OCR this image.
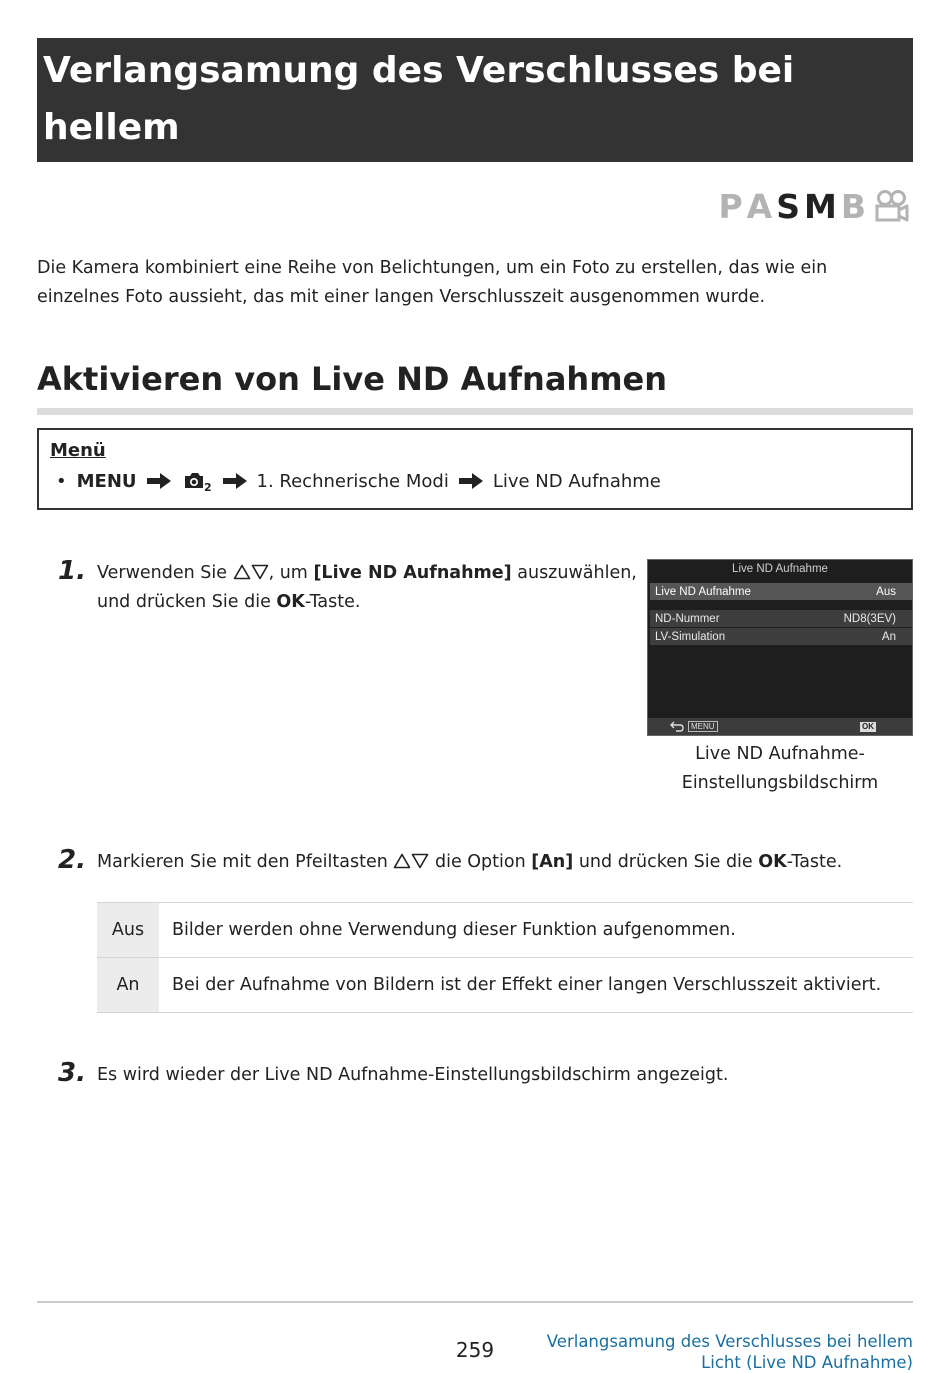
Verlangsamung des Verschlusses bei hellem
Licht (Live ND Aufnahme)
P A S M B

Die Kamera kombiniert eine Reihe von Belichtungen, um ein Foto zu erstellen, das wie ein einzelnes Foto aussieht, das mit einer langen Verschlusszeit ausgenommen wurde.

Aktivieren von Live ND Aufnahmen
Menü
• MENU	2	1. Rechnerische Modi Live ND Aufnahme
1. Verwenden Sie , um [Live ND Aufnahme] auszuwählen,
und drücken Sie die OK-Taste.
Live ND Aufnahme
Live ND Aufnahme	Aus
ND-Nummer	ND8(3EV)
LV-Simulation	An
MENU	OK
Live ND Aufnahme-
Einstellungsbildschirm
2. Markieren Sie mit den Pfeiltasten	die Option [An] und drücken Sie die OK-Taste.
Aus	Bilder werden ohne Verwendung dieser Funktion aufgenommen.
An	Bei der Aufnahme von Bildern ist der Effekt einer langen Verschlusszeit aktiviert.
3. Es wird wieder der Live ND Aufnahme-Einstellungsbildschirm angezeigt.
259	Verlangsamung des Verschlusses bei hellem
Licht (Live ND Aufnahme)
